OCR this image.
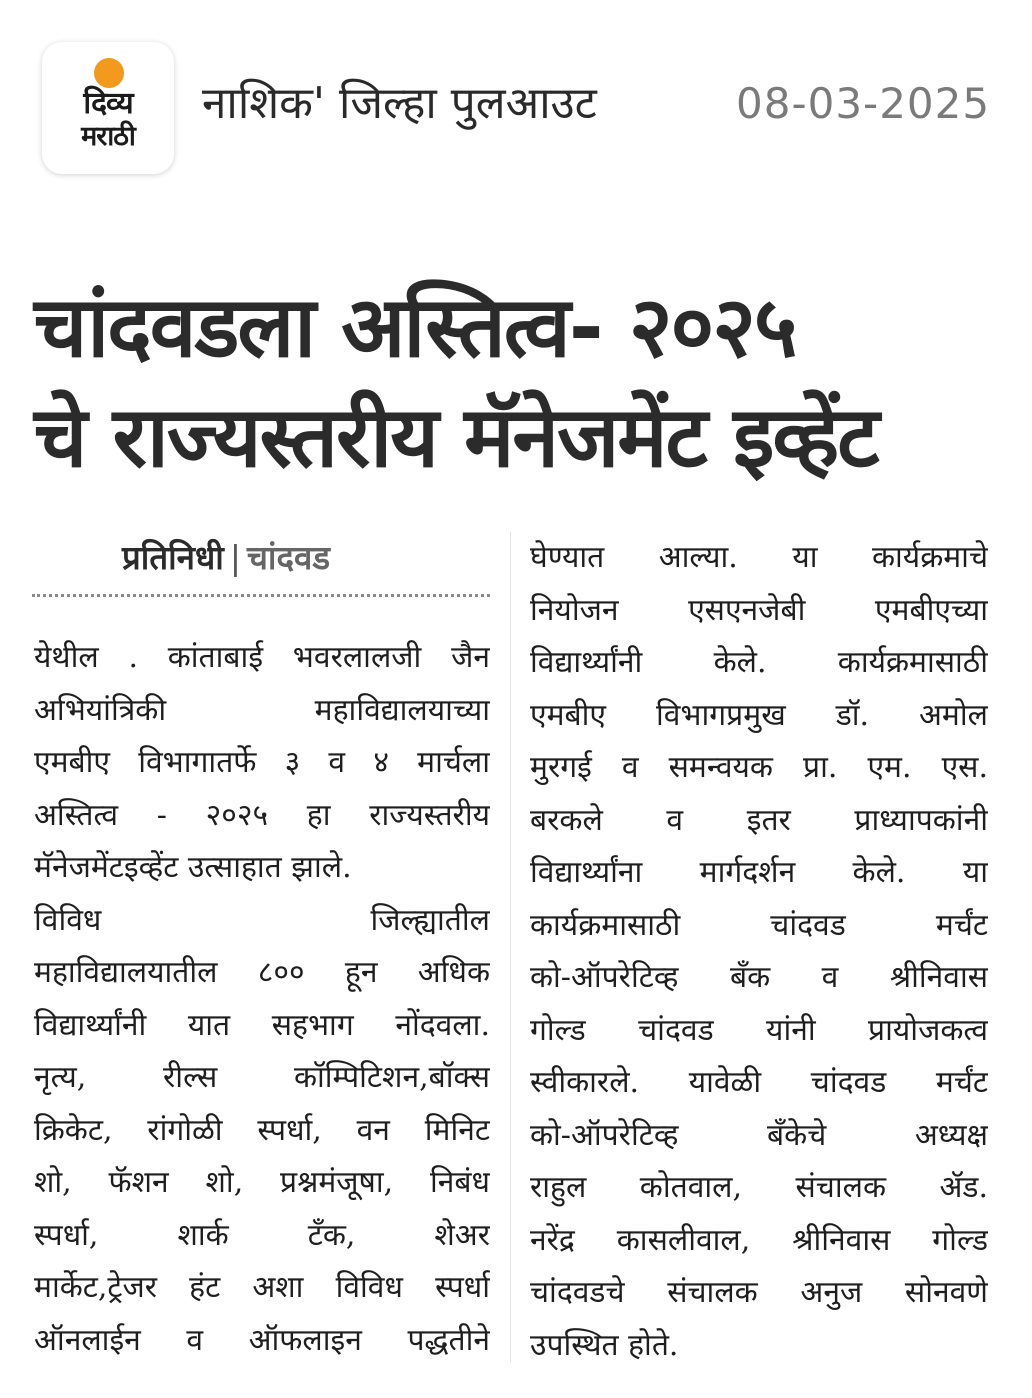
दिव्य
मराठी
नाशिक' जिल्हा पुलआउट	08-03-2025
चांदवडला अस्तित्व- २०२५
चे राज्यस्तरीय मॅनेजमेंट इव्हेंट
प्रतिनिधी | चांदवड
येथील . कांताबाई भवरलालजी जैन
अभियांत्रिकी महाविद्यालयाच्या
एमबीए विभागातर्फे ३ व ४ मार्चला
अस्तित्व - २०२५ हा राज्यस्तरीय
मॅनेजमेंटइव्हेंट उत्साहात झाले.
विविध जिल्ह्यातील
महाविद्यालयातील ८०० हून अधिक
विद्यार्थ्यांनी यात सहभाग नोंदवला.
नृत्य, रील्स कॉम्पिटिशन,बॉक्स
क्रिकेट, रांगोळी स्पर्धा, वन मिनिट
शो, फॅशन शो, प्रश्नमंजूषा, निबंध
स्पर्धा, शार्क टँक, शेअर
मार्केट,ट्रेजर हंट अशा विविध स्पर्धा
ऑनलाईन व ऑफलाइन पद्धतीने
घेण्यात आल्या. या कार्यक्रमाचे
नियोजन एसएनजेबी एमबीएच्या
विद्यार्थ्यांनी केले. कार्यक्रमासाठी
एमबीए विभागप्रमुख डॉ. अमोल
मुरगई व समन्वयक प्रा. एम. एस.
बरकले व इतर प्राध्यापकांनी
विद्यार्थ्यांना मार्गदर्शन केले. या
कार्यक्रमासाठी चांदवड मर्चंट
को-ऑपरेटिव्ह बँक व श्रीनिवास
गोल्ड चांदवड यांनी प्रायोजकत्व
स्वीकारले. यावेळी चांदवड मर्चंट
को-ऑपरेटिव्ह बँकेचे अध्यक्ष
राहुल कोतवाल, संचालक ॲड.
नरेंद्र कासलीवाल, श्रीनिवास गोल्ड
चांदवडचे संचालक अनुज सोनवणे
उपस्थित होते.
